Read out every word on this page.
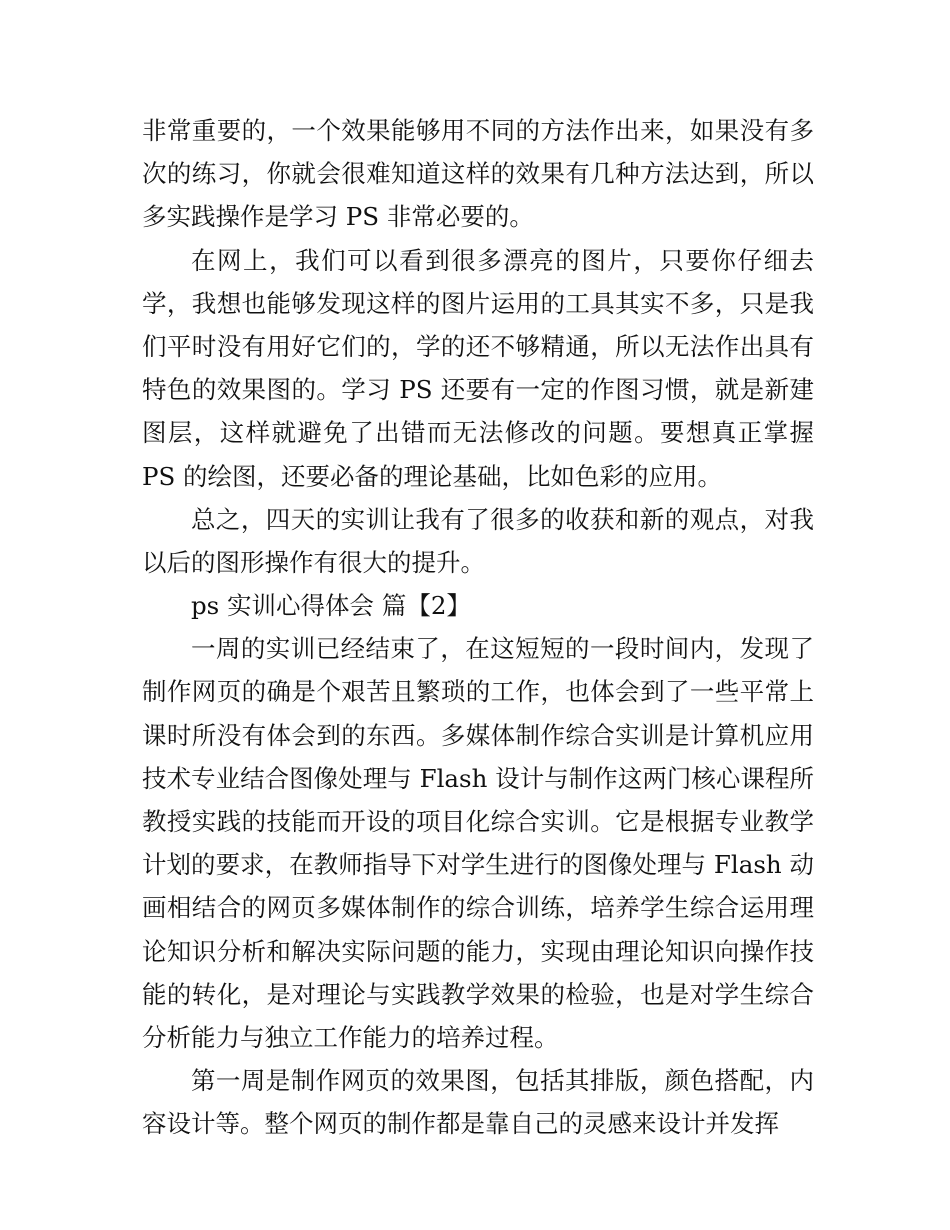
非常重要的，一个效果能够用不同的方法作出来，如果没有多
次的练习，你就会很难知道这样的效果有几种方法达到，所以
多实践操作是学习 PS 非常必要的。
在网上，我们可以看到很多漂亮的图片，只要你仔细去
学，我想也能够发现这样的图片运用的工具其实不多，只是我
们平时没有用好它们的，学的还不够精通，所以无法作出具有
特色的效果图的。学习 PS 还要有一定的作图习惯，就是新建
图层，这样就避免了出错而无法修改的问题。要想真正掌握
PS 的绘图，还要必备的理论基础，比如色彩的应用。
总之，四天的实训让我有了很多的收获和新的观点，对我
以后的图形操作有很大的提升。
ps 实训心得体会 篇【2】
一周的实训已经结束了，在这短短的一段时间内，发现了
制作网页的确是个艰苦且繁琐的工作，也体会到了一些平常上
课时所没有体会到的东西。多媒体制作综合实训是计算机应用
技术专业结合图像处理与 Flash 设计与制作这两门核心课程所
教授实践的技能而开设的项目化综合实训。它是根据专业教学
计划的要求，在教师指导下对学生进行的图像处理与 Flash 动
画相结合的网页多媒体制作的综合训练，培养学生综合运用理
论知识分析和解决实际问题的能力，实现由理论知识向操作技
能的转化，是对理论与实践教学效果的检验，也是对学生综合
分析能力与独立工作能力的培养过程。
第一周是制作网页的效果图，包括其排版，颜色搭配，内
容设计等。整个网页的制作都是靠自己的灵感来设计并发挥
